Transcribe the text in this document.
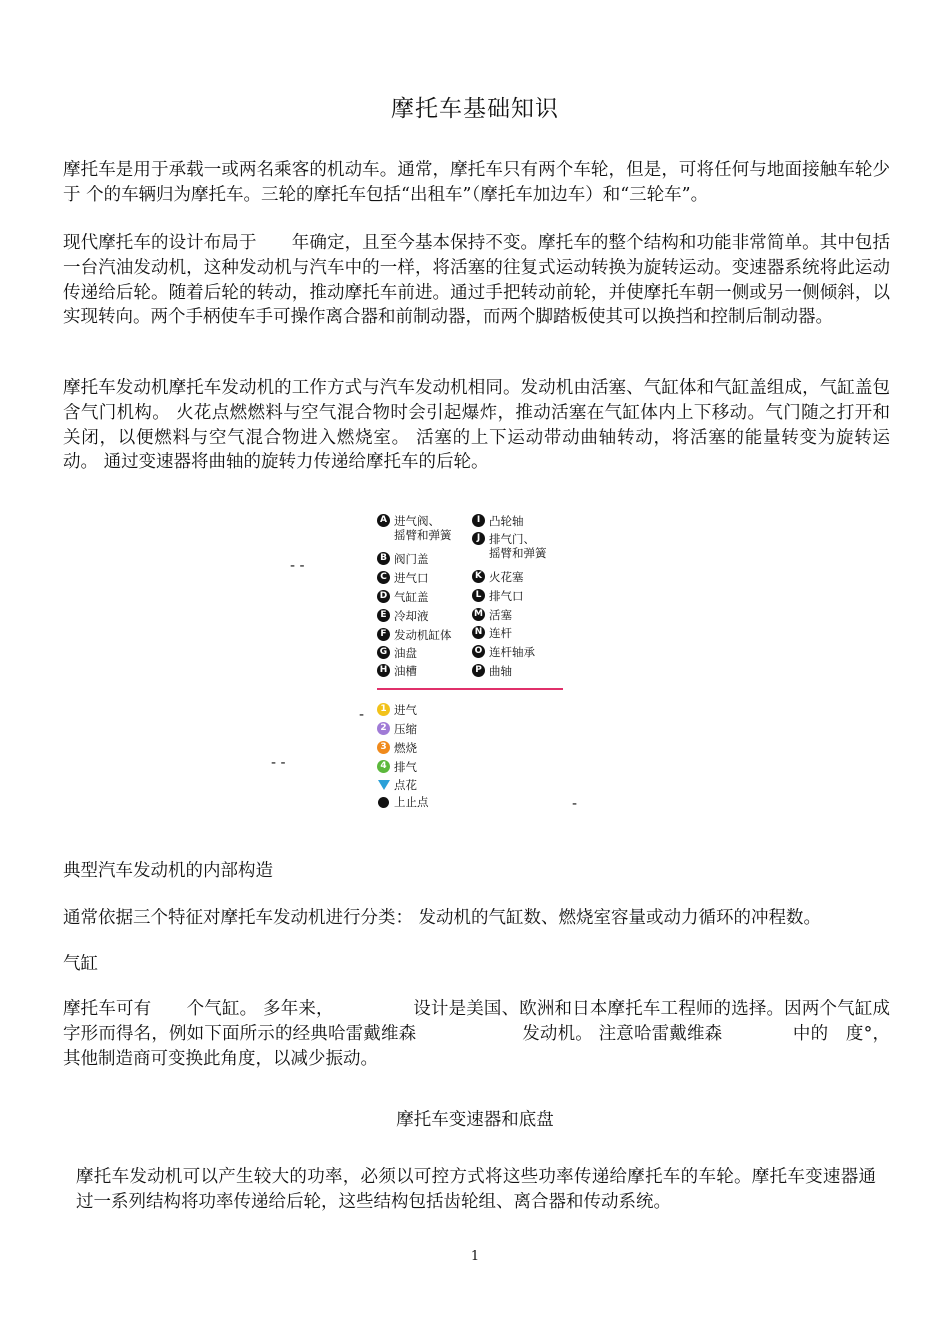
摩托车基础知识
摩托车是用于承载一或两名乘客的机动车。通常，摩托车只有两个车轮，但是，可将任何与地面接触车轮少于 个的车辆归为摩托车。三轮的摩托车包括“出租车”（摩托车加边车）和“三轮车”。
现代摩托车的设计布局于　　年确定，且至今基本保持不变。摩托车的整个结构和功能非常简单。其中包括一台汽油发动机，这种发动机与汽车中的一样，将活塞的往复式运动转换为旋转运动。变速器系统将此运动传递给后轮。随着后轮的转动，推动摩托车前进。通过手把转动前轮，并使摩托车朝一侧或另一侧倾斜，以实现转向。两个手柄使车手可操作离合器和前制动器，而两个脚踏板使其可以换挡和控制后制动器。
摩托车发动机摩托车发动机的工作方式与汽车发动机相同。发动机由活塞、气缸体和气缸盖组成，气缸盖包含气门机构。 火花点燃燃料与空气混合物时会引起爆炸，推动活塞在气缸体内上下移动。气门随之打开和关闭，以便燃料与空气混合物进入燃烧室。 活塞的上下运动带动曲轴转动，将活塞的能量转变为旋转运动。 通过变速器将曲轴的旋转力传递给摩托车的后轮。
- -
-
- -
-
A 进气阀、
摇臂和弹簧
B 阀门盖
C 进气口
D 气缸盖
E 冷却液
F 发动机缸体
G 油盘
H 油槽
I 凸轮轴
J 排气门、
摇臂和弹簧
K 火花塞
L 排气口
M 活塞
N 连杆
O 连杆轴承
P 曲轴
1 进气
2 压缩
3 燃烧
4 排气
点花
上止点
典型汽车发动机的内部构造
通常依据三个特征对摩托车发动机进行分类： 发动机的气缸数、燃烧室容量或动力循环的冲程数。
气缸
摩托车可有　　个气缸。 多年来，　　　　　设计是美国、欧洲和日本摩托车工程师的选择。因两个气缸成　　字形而得名，例如下面所示的经典哈雷戴维森　　　　　　发动机。 注意哈雷戴维森　　　　中的　度°，其他制造商可变换此角度，以减少振动。
摩托车变速器和底盘
摩托车发动机可以产生较大的功率，必须以可控方式将这些功率传递给摩托车的车轮。摩托车变速器通过一系列结构将功率传递给后轮，这些结构包括齿轮组、离合器和传动系统。
1
